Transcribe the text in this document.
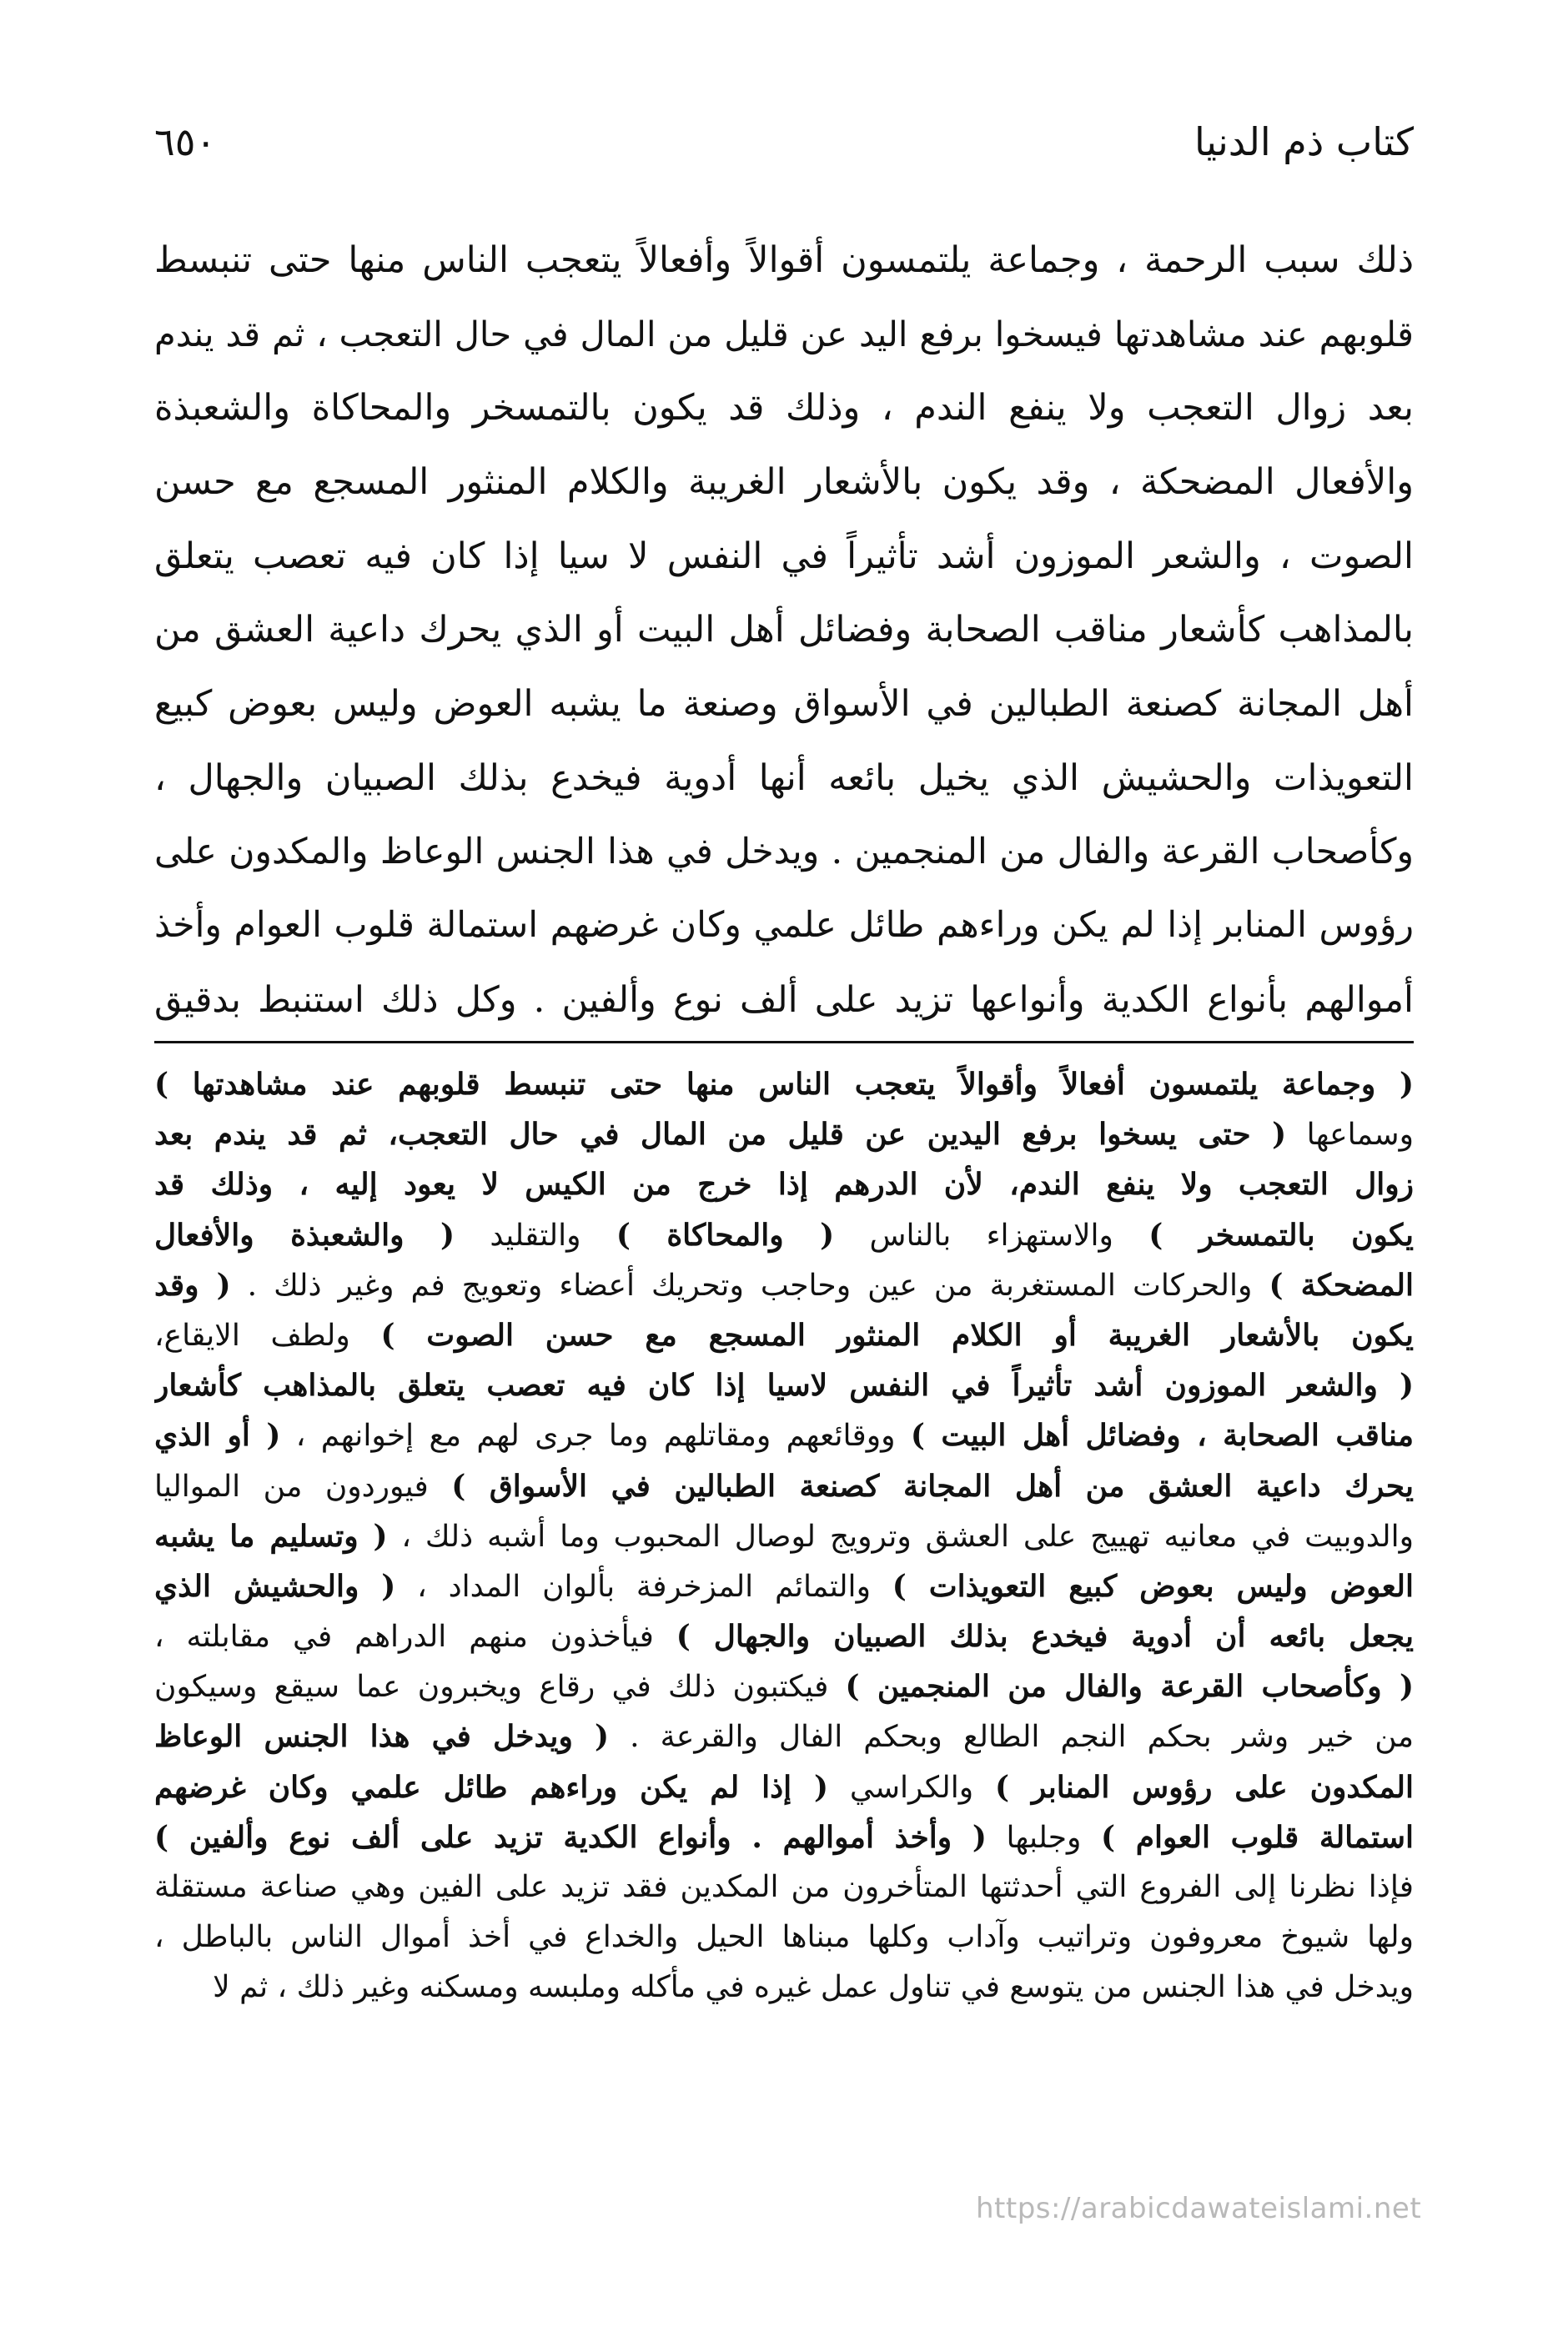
كتاب ذم الدنيا
٦٥٠
ذلك سبب الرحمة ، وجماعة يلتمسون أقوالاً وأفعالاً يتعجب الناس منها حتى تنبسط
قلوبهم عند مشاهدتها فيسخوا برفع اليد عن قليل من المال في حال التعجب ، ثم قد يندم
بعد زوال التعجب ولا ينفع الندم ، وذلك قد يكون بالتمسخر والمحاكاة والشعبذة
والأفعال المضحكة ، وقد يكون بالأشعار الغريبة والكلام المنثور المسجع مع حسن
الصوت ، والشعر الموزون أشد تأثيراً في النفس لا سيا إذا كان فيه تعصب يتعلق
بالمذاهب كأشعار مناقب الصحابة وفضائل أهل البيت أو الذي يحرك داعية العشق من
أهل المجانة كصنعة الطبالين في الأسواق وصنعة ما يشبه العوض وليس بعوض كبيع
التعويذات والحشيش الذي يخيل بائعه أنها أدوية فيخدع بذلك الصبيان والجهال ،
وكأصحاب القرعة والفال من المنجمين . ويدخل في هذا الجنس الوعاظ والمكدون على
رؤوس المنابر إذا لم يكن وراءهم طائل علمي وكان غرضهم استمالة قلوب العوام وأخذ
أموالهم بأنواع الكدية وأنواعها تزيد على ألف نوع وألفين . وكل ذلك استنبط بدقيق
( وجماعة يلتمسون أفعالاً وأقوالاً يتعجب الناس منها حتى تنبسط قلوبهم عند مشاهدتها )
وسماعها ( حتى يسخوا برفع اليدين عن قليل من المال في حال التعجب، ثم قد يندم بعد
زوال التعجب ولا ينفع الندم، لأن الدرهم إذا خرج من الكيس لا يعود إليه ، وذلك قد
يكون بالتمسخر ) والاستهزاء بالناس ( والمحاكاة ) والتقليد ( والشعبذة والأفعال
المضحكة ) والحركات المستغربة من عين وحاجب وتحريك أعضاء وتعويج فم وغير ذلك . ( وقد
يكون بالأشعار الغريبة أو الكلام المنثور المسجع مع حسن الصوت ) ولطف الايقاع،
( والشعر الموزون أشد تأثيراً في النفس لاسيا إذا كان فيه تعصب يتعلق بالمذاهب كأشعار
مناقب الصحابة ، وفضائل أهل البيت ) ووقائعهم ومقاتلهم وما جرى لهم مع إخوانهم ، ( أو الذي
يحرك داعية العشق من أهل المجانة كصنعة الطبالين في الأسواق ) فيوردون من المواليا
والدوبيت في معانيه تهييج على العشق وترويج لوصال المحبوب وما أشبه ذلك ، ( وتسليم ما يشبه
العوض وليس بعوض كبيع التعويذات ) والتمائم المزخرفة بألوان المداد ، ( والحشيش الذي
يجعل بائعه أن أدوية فيخدع بذلك الصبيان والجهال ) فيأخذون منهم الدراهم في مقابلته ،
( وكأصحاب القرعة والفال من المنجمين ) فيكتبون ذلك في رقاع ويخبرون عما سيقع وسيكون
من خير وشر بحكم النجم الطالع وبحكم الفال والقرعة . ( ويدخل في هذا الجنس الوعاظ
المكدون على رؤوس المنابر ) والكراسي ( إذا لم يكن وراءهم طائل علمي وكان غرضهم
استمالة قلوب العوام ) وجلبها ( وأخذ أموالهم . وأنواع الكدية تزيد على ألف نوع وألفين )
فإذا نظرنا إلى الفروع التي أحدثتها المتأخرون من المكدين فقد تزيد على الفين وهي صناعة مستقلة
ولها شيوخ معروفون وتراتيب وآداب وكلها مبناها الحيل والخداع في أخذ أموال الناس بالباطل ،
ويدخل في هذا الجنس من يتوسع في تناول عمل غيره في مأكله وملبسه ومسكنه وغير ذلك ، ثم لا
https://arabicdawateislami.net
